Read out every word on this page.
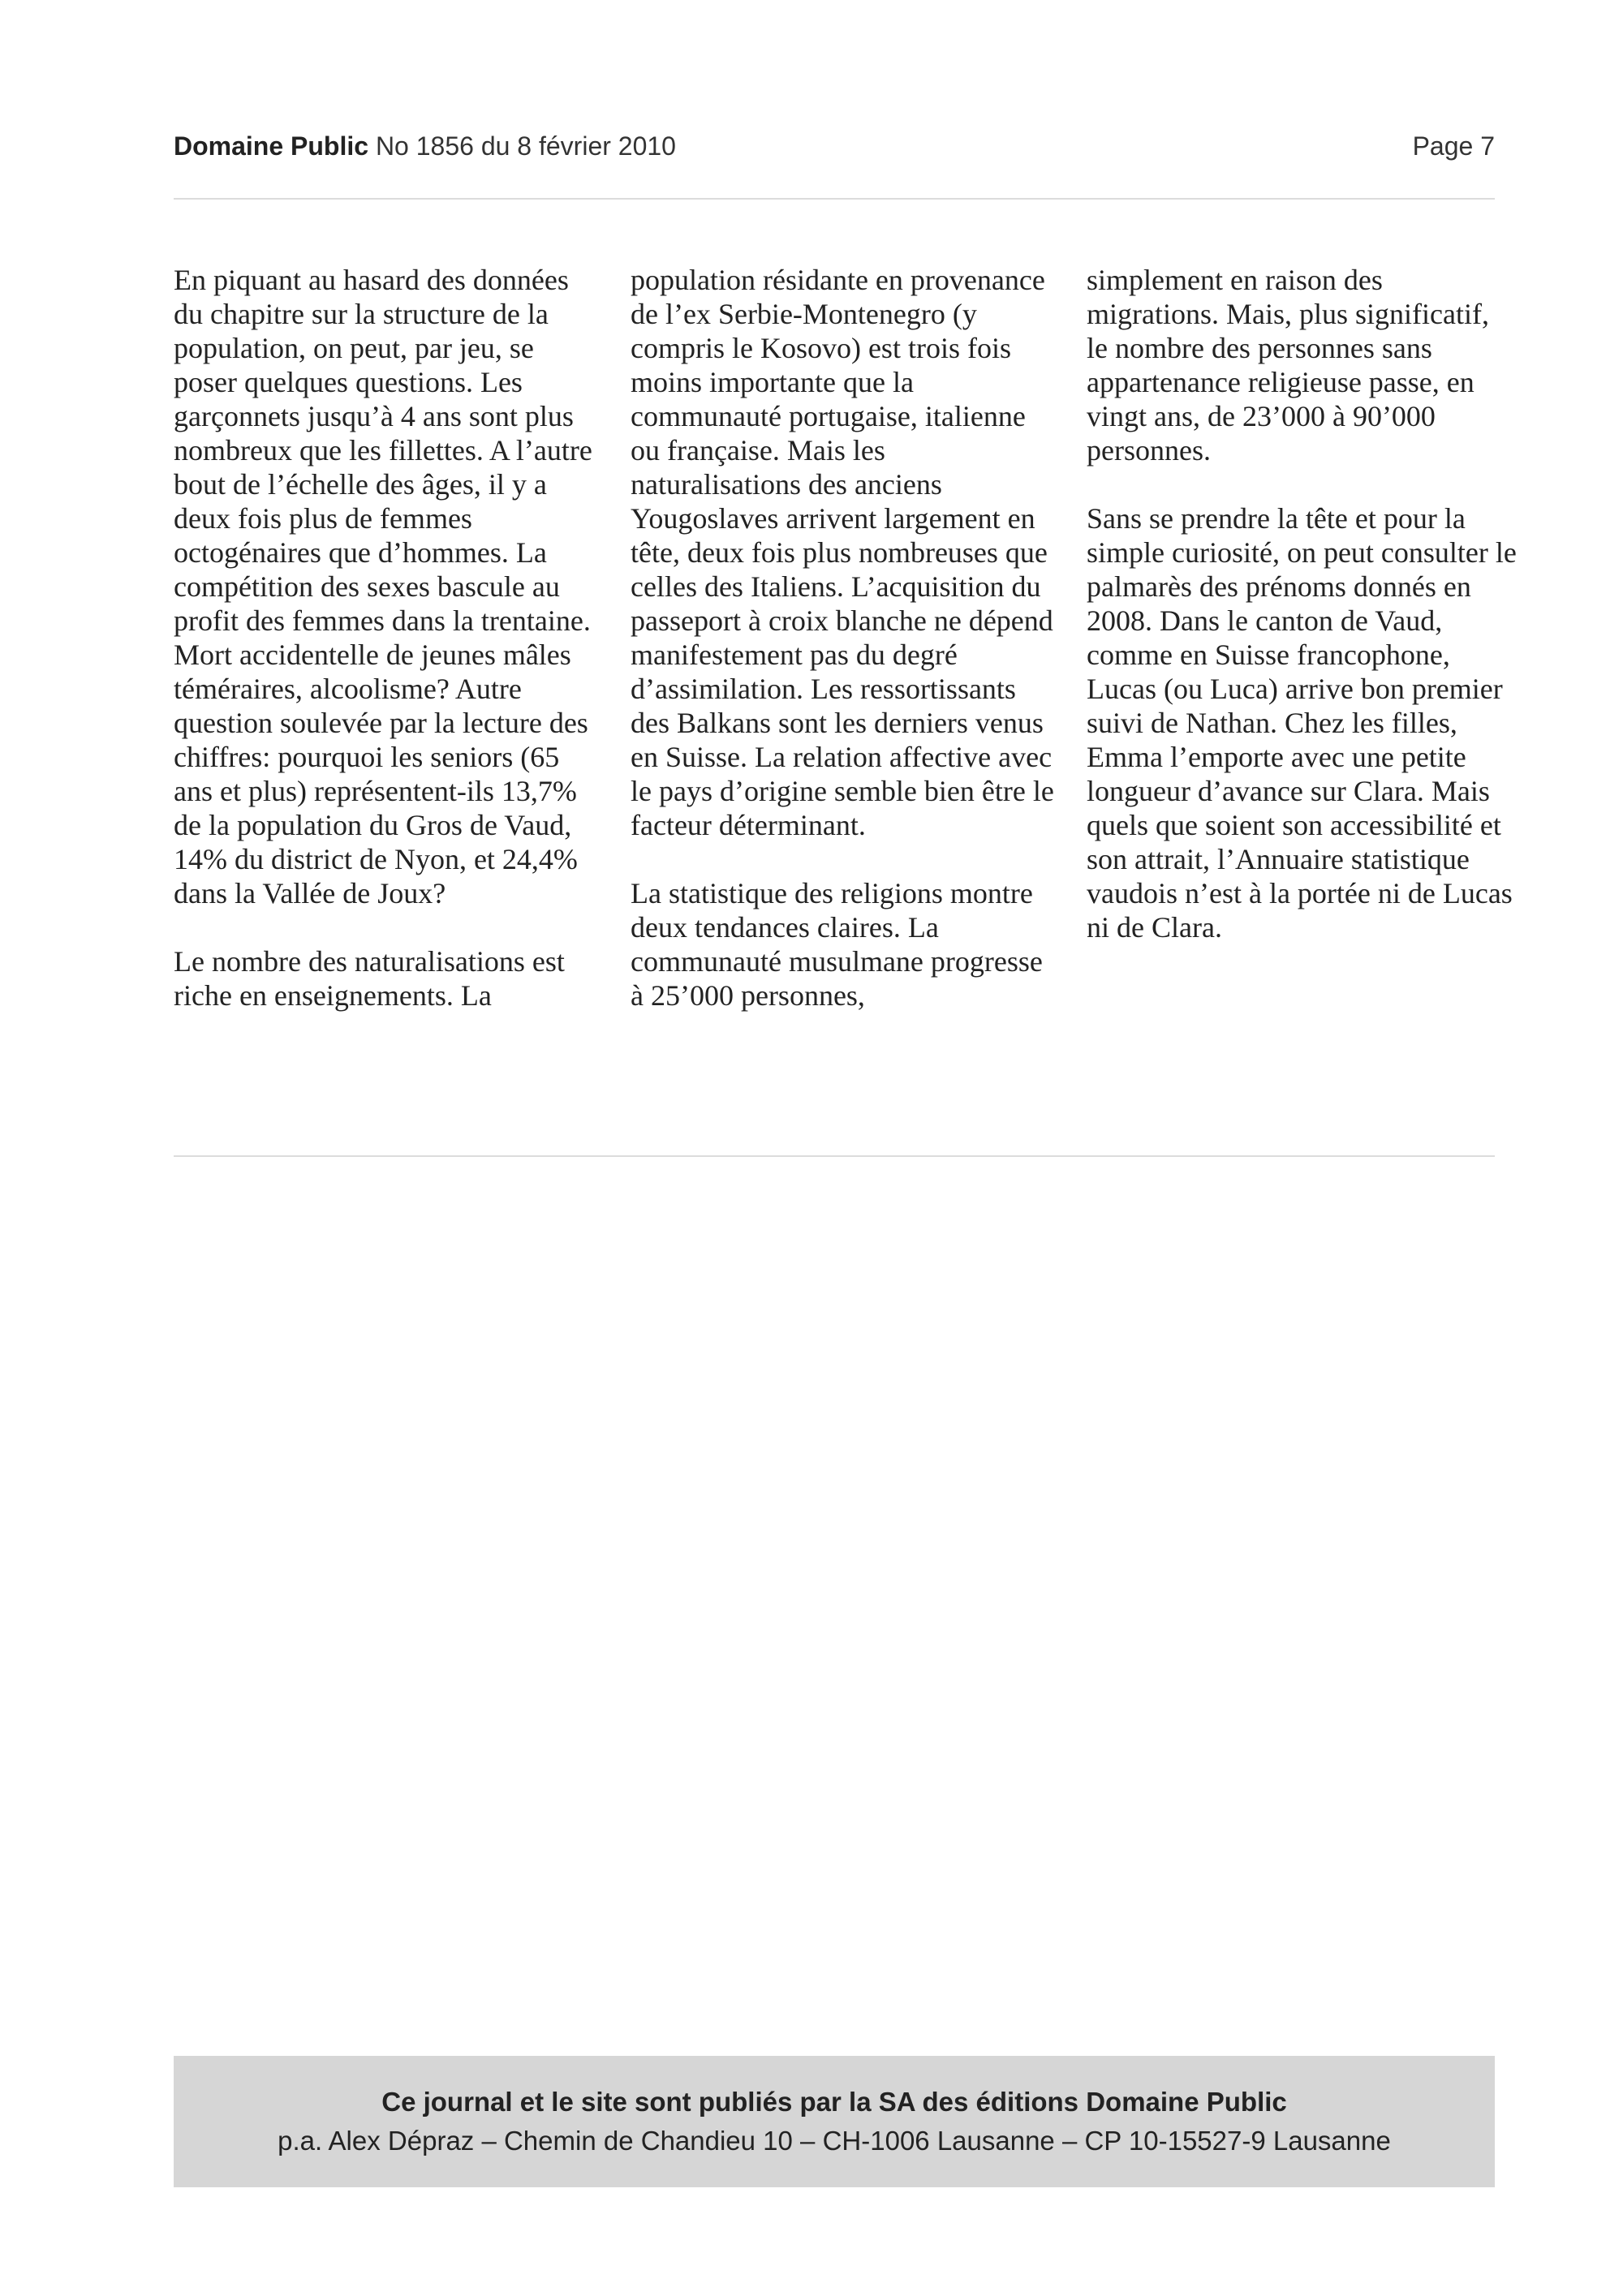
Domaine Public No 1856 du 8 février 2010	Page 7

En piquant au hasard des données du chapitre sur la structure de la population, on peut, par jeu, se poser quelques questions. Les garçonnets jusqu’à 4 ans sont plus nombreux que les fillettes. A l’autre bout de l’échelle des âges, il y a deux fois plus de femmes octogénaires que d’hommes. La compétition des sexes bascule au profit des femmes dans la trentaine. Mort accidentelle de jeunes mâles téméraires, alcoolisme? Autre question soulevée par la lecture des chiffres: pourquoi les seniors (65 ans et plus) représentent-ils 13,7% de la population du Gros de Vaud, 14% du district de Nyon, et 24,4% dans la Vallée de Joux?

Le nombre des naturalisations est riche en enseignements. La

population résidante en provenance de l’ex Serbie-Montenegro (y compris le Kosovo) est trois fois moins importante que la communauté portugaise, italienne ou française. Mais les naturalisations des anciens Yougoslaves arrivent largement en tête, deux fois plus nombreuses que celles des Italiens. L’acquisition du passeport à croix blanche ne dépend manifestement pas du degré d’assimilation. Les ressortissants des Balkans sont les derniers venus en Suisse. La relation affective avec le pays d’origine semble bien être le facteur déterminant.

La statistique des religions montre deux tendances claires. La communauté musulmane progresse à 25’000 personnes,

simplement en raison des migrations. Mais, plus significatif, le nombre des personnes sans appartenance religieuse passe, en vingt ans, de 23’000 à 90’000 personnes.

Sans se prendre la tête et pour la simple curiosité, on peut consulter le palmarès des prénoms donnés en 2008. Dans le canton de Vaud, comme en Suisse francophone, Lucas (ou Luca) arrive bon premier suivi de Nathan. Chez les filles, Emma l’emporte avec une petite longueur d’avance sur Clara. Mais quels que soient son accessibilité et son attrait, l’Annuaire statistique vaudois n’est à la portée ni de Lucas ni de Clara.

Ce journal et le site sont publiés par la SA des éditions Domaine Public
p.a. Alex Dépraz – Chemin de Chandieu 10 – CH-1006 Lausanne – CP 10-15527-9 Lausanne
